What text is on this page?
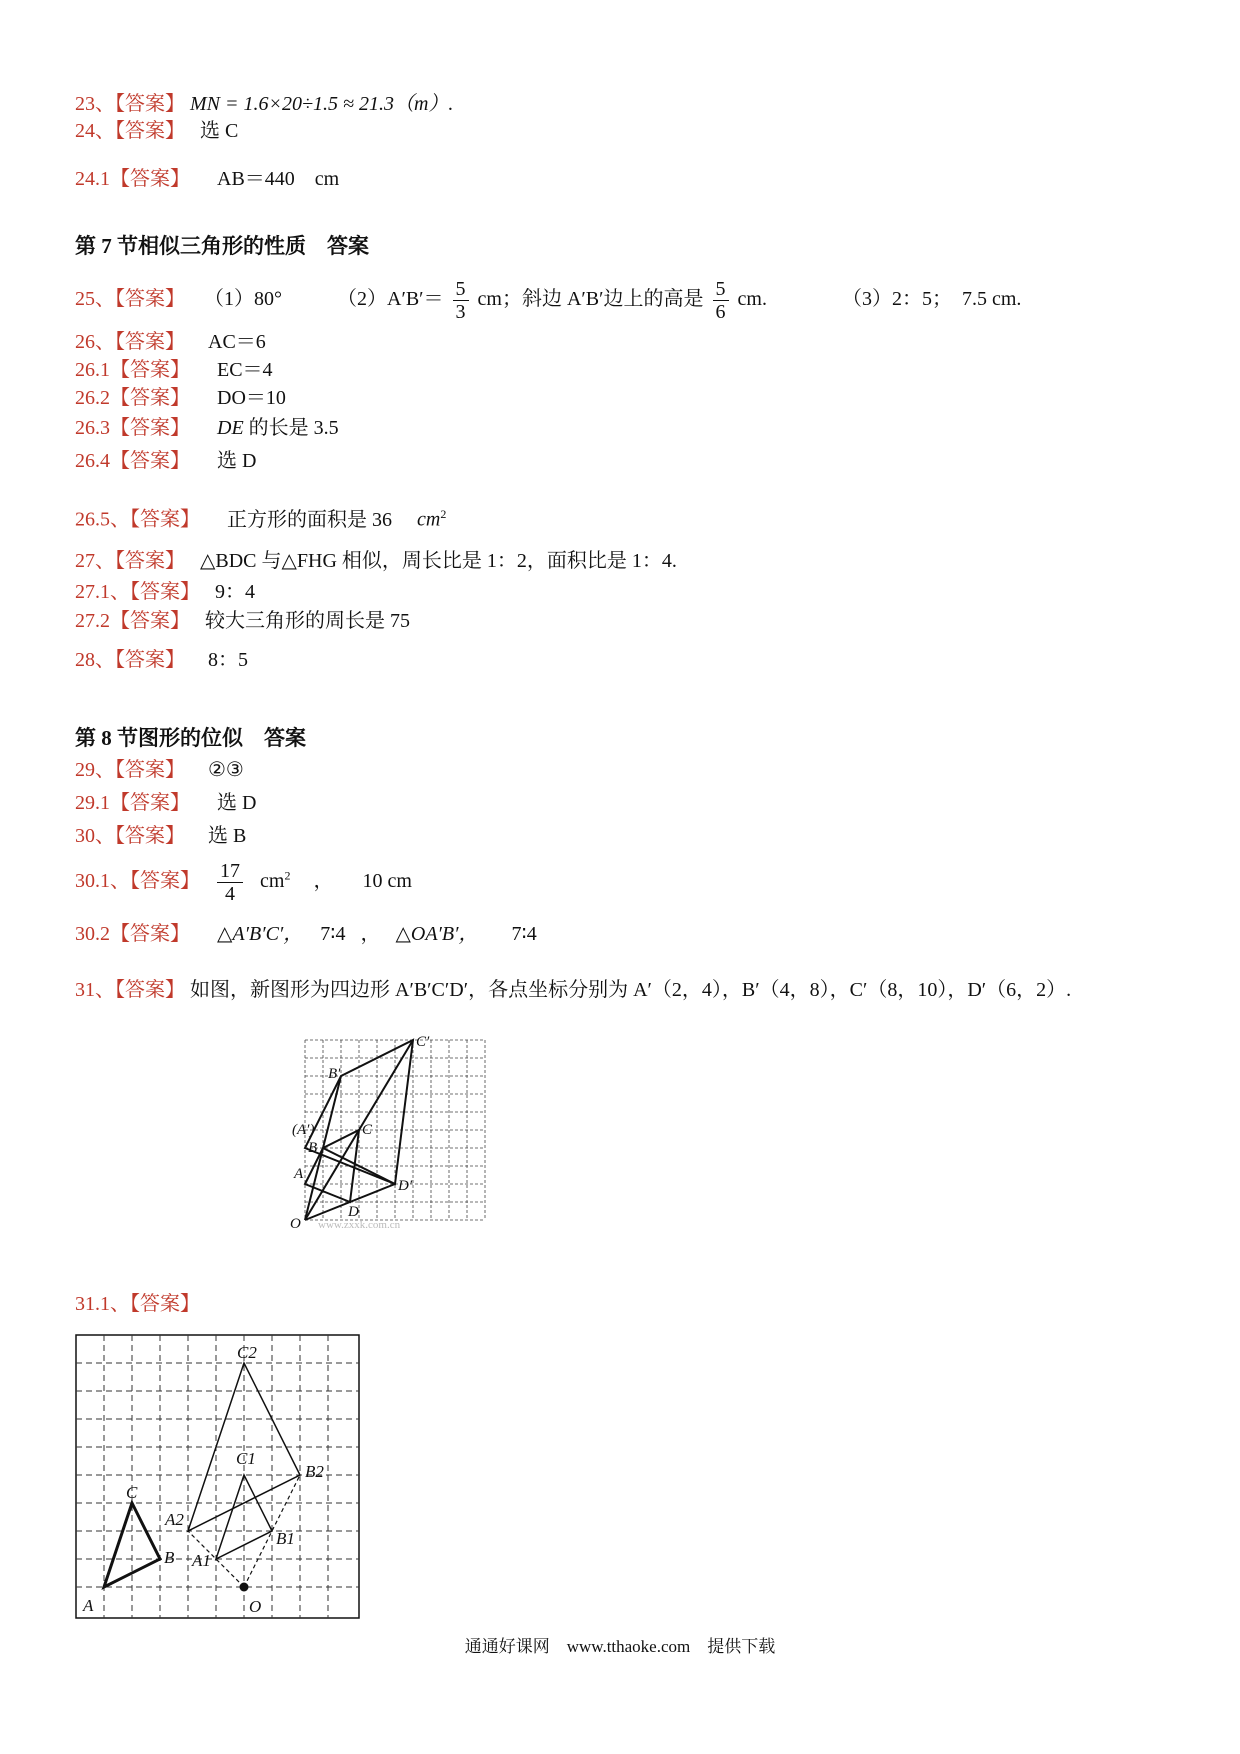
23、【答案】 MN = 1.6×20÷1.5 ≈ 21.3（m）.
24、【答案】 选 C
24.1【答案】 AB＝440　cm
第 7 节相似三角形的性质　答案
25、【答案】 （1）80°	$(2)A'B'= \frac{5}{3}$ cm；斜边 A′B′边上的高是 $\frac{5}{6}$ cm.	（3）2：5；　7.5 cm.
26、【答案】 AC＝6
26.1【答案】 EC＝4
26.2【答案】 DO＝10
26.3【答案】 DE 的长是 3.5
26.4【答案】 选 D
26.5、【答案】 正方形的面积是 36　 $cm^2$
27、【答案】 △BDC 与△FHG 相似，周长比是 1：2，面积比是 1：4.
27.1、【答案】 9：4
27.2【答案】 较大三角形的周长是 75
28、【答案】 8：5
第 8 节图形的位似　答案
29、【答案】 ②③
29.1【答案】 选 D
30、【答案】 选 B
30.1、【答案】 $\frac{17}{4} cm^2$ ， 10 cm
30.2【答案】 △A′B′C′， 7∶4 ， △OA′B′， 7∶4
31、【答案】 如图，新图形为四边形 A′B′C′D′，各点坐标分别为 A′（2，4），B′（4，8），C′（8，10），D′（6，2）.
C′
B′
(A′)
B
C
A
D′
D
O www.zxxk.com.cn
31.1、【答案】
C2
C1
B2
C
A2
B1
B A1
A	O
通通好课网　www.tthaoke.com　提供下载
